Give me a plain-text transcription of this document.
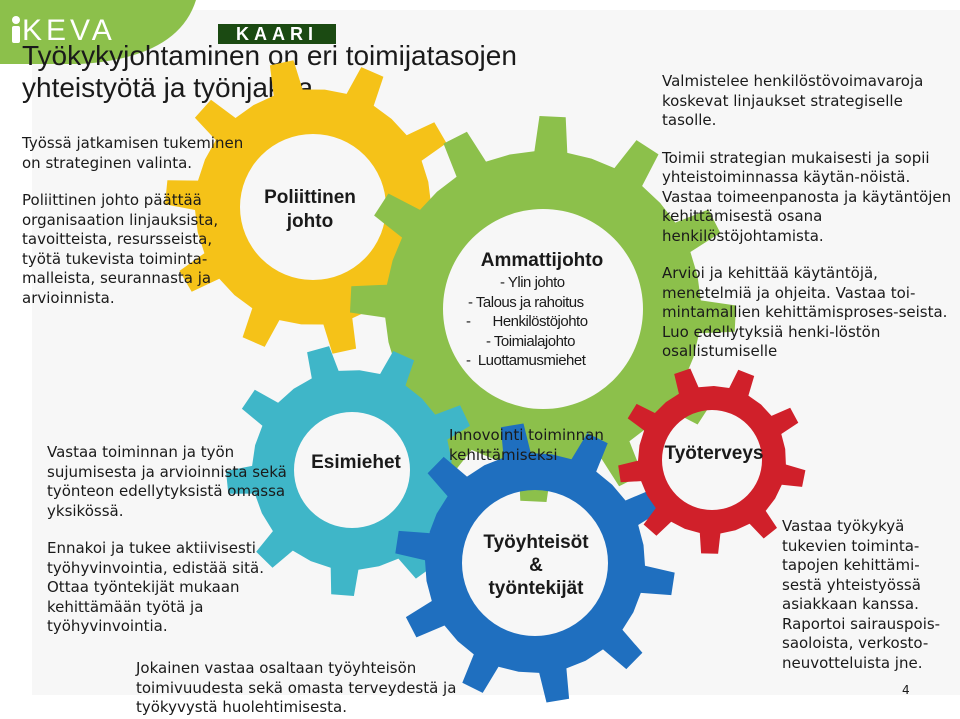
KEVA	KAARI
Työkykyjohtaminen on eri toimijatasojen
yhteistyötä ja työnjakoa

Työssä jatkamisen tukeminen on strateginen valinta.

Poliittinen johto päättää organisaation linjauksista, tavoitteista, resursseista, työtä tukevista toiminta-malleista, seurannasta ja arvioinnista.

Valmistelee henkilöstövoimavaroja koskevat linjaukset strategiselle tasolle.

Toimii strategian mukaisesti ja sopii yhteistoiminnassa käytän-nöistä. Vastaa toimeenpanosta ja käytäntöjen kehittämisestä osana henkilöstöjohtamista.

Arvioi ja kehittää käytäntöjä, menetelmiä ja ohjeita. Vastaa toi-mintamallien kehittämisproses-seista. Luo edellytyksiä henki-löstön osallistumiselle

Poliittinen
johto
Ammattijohto
- Ylin johto
- Talous ja rahoitus
-      Henkilöstöjohto
- Toimialajohto
-  Luottamusmiehet
Esimiehet
Työyhteisöt
&
työntekijät
Työterveys

Vastaa toiminnan ja työn sujumisesta ja arvioinnista sekä työnteon edellytyksistä omassa yksikössä.

Ennakoi ja tukee aktiivisesti työhyvinvointia, edistää sitä. Ottaa työntekijät mukaan kehittämään työtä ja työhyvinvointia.

Innovointi toiminnan kehittämiseksi
Vastaa työkykyä tukevien toiminta-tapojen kehittämi-sestä yhteistyössä asiakkaan kanssa. Raportoi sairauspois-saoloista, verkosto-neuvotteluista jne.
Jokainen vastaa osaltaan työyhteisön toimivuudesta sekä omasta terveydestä ja työkyvystä huolehtimisesta.
4
